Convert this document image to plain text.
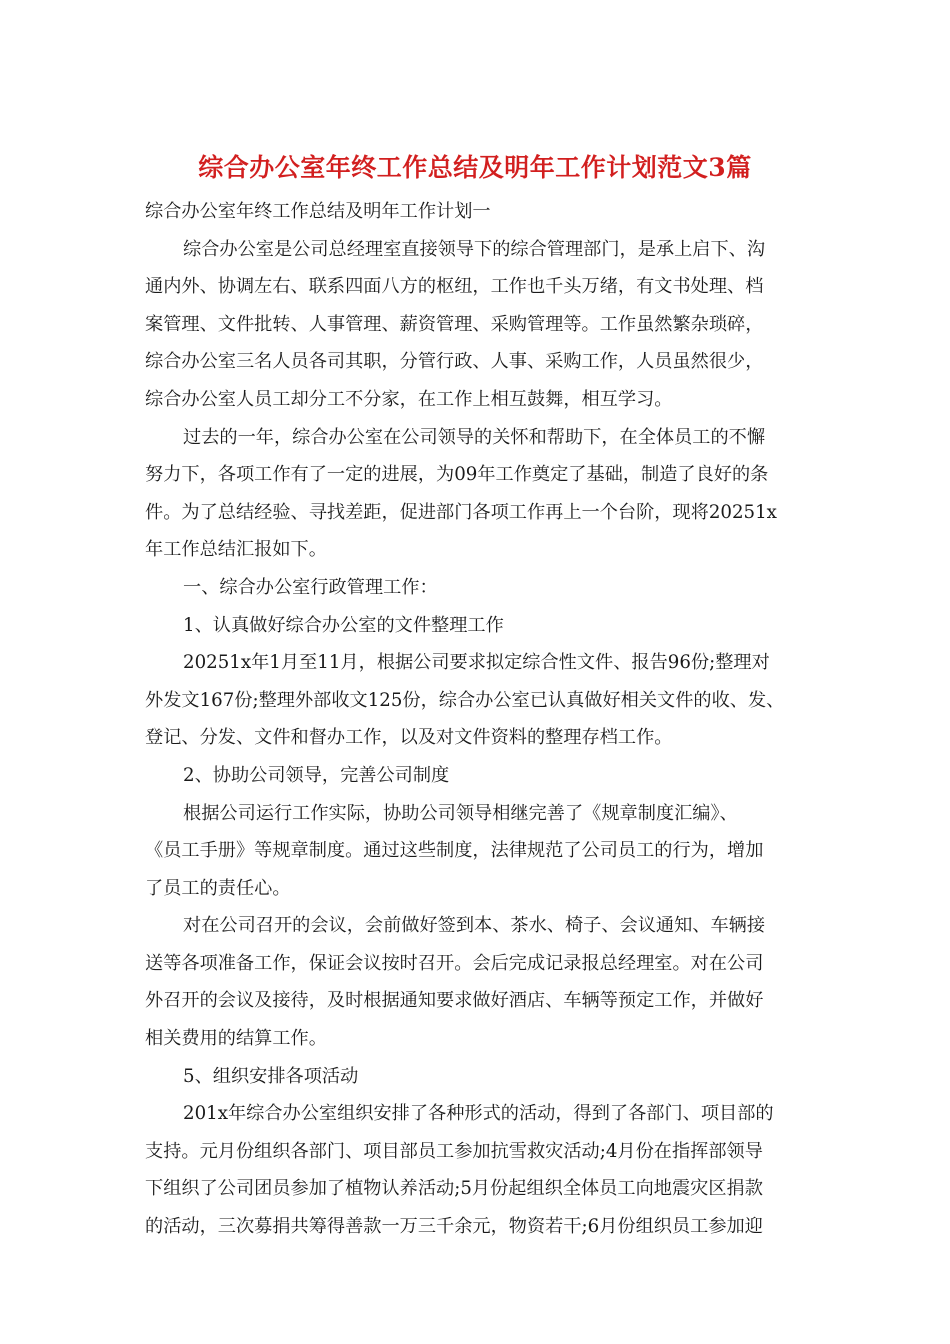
综合办公室年终工作总结及明年工作计划范文3篇
综合办公室年终工作总结及明年工作计划一
综合办公室是公司总经理室直接领导下的综合管理部门，是承上启下、沟
通内外、协调左右、联系四面八方的枢纽，工作也千头万绪，有文书处理、档
案管理、文件批转、人事管理、薪资管理、采购管理等。工作虽然繁杂琐碎，
综合办公室三名人员各司其职，分管行政、人事、采购工作，人员虽然很少，
综合办公室人员工却分工不分家，在工作上相互鼓舞，相互学习。
过去的一年，综合办公室在公司领导的关怀和帮助下，在全体员工的不懈
努力下，各项工作有了一定的进展，为09年工作奠定了基础，制造了良好的条
件。为了总结经验、寻找差距，促进部门各项工作再上一个台阶，现将20251x
年工作总结汇报如下。
一、综合办公室行政管理工作：
1、认真做好综合办公室的文件整理工作
20251x年1月至11月，根据公司要求拟定综合性文件、报告96份;整理对
外发文167份;整理外部收文125份，综合办公室已认真做好相关文件的收、发、
登记、分发、文件和督办工作，以及对文件资料的整理存档工作。
2、协助公司领导，完善公司制度
根据公司运行工作实际，协助公司领导相继完善了《规章制度汇编》、
《员工手册》等规章制度。通过这些制度，法律规范了公司员工的行为，增加
了员工的责任心。
对在公司召开的会议，会前做好签到本、茶水、椅子、会议通知、车辆接
送等各项准备工作，保证会议按时召开。会后完成记录报总经理室。对在公司
外召开的会议及接待，及时根据通知要求做好酒店、车辆等预定工作，并做好
相关费用的结算工作。
5、组织安排各项活动
201x年综合办公室组织安排了各种形式的活动，得到了各部门、项目部的
支持。元月份组织各部门、项目部员工参加抗雪救灾活动;4月份在指挥部领导
下组织了公司团员参加了植物认养活动;5月份起组织全体员工向地震灾区捐款
的活动，三次募捐共筹得善款一万三千余元，物资若干;6月份组织员工参加迎
